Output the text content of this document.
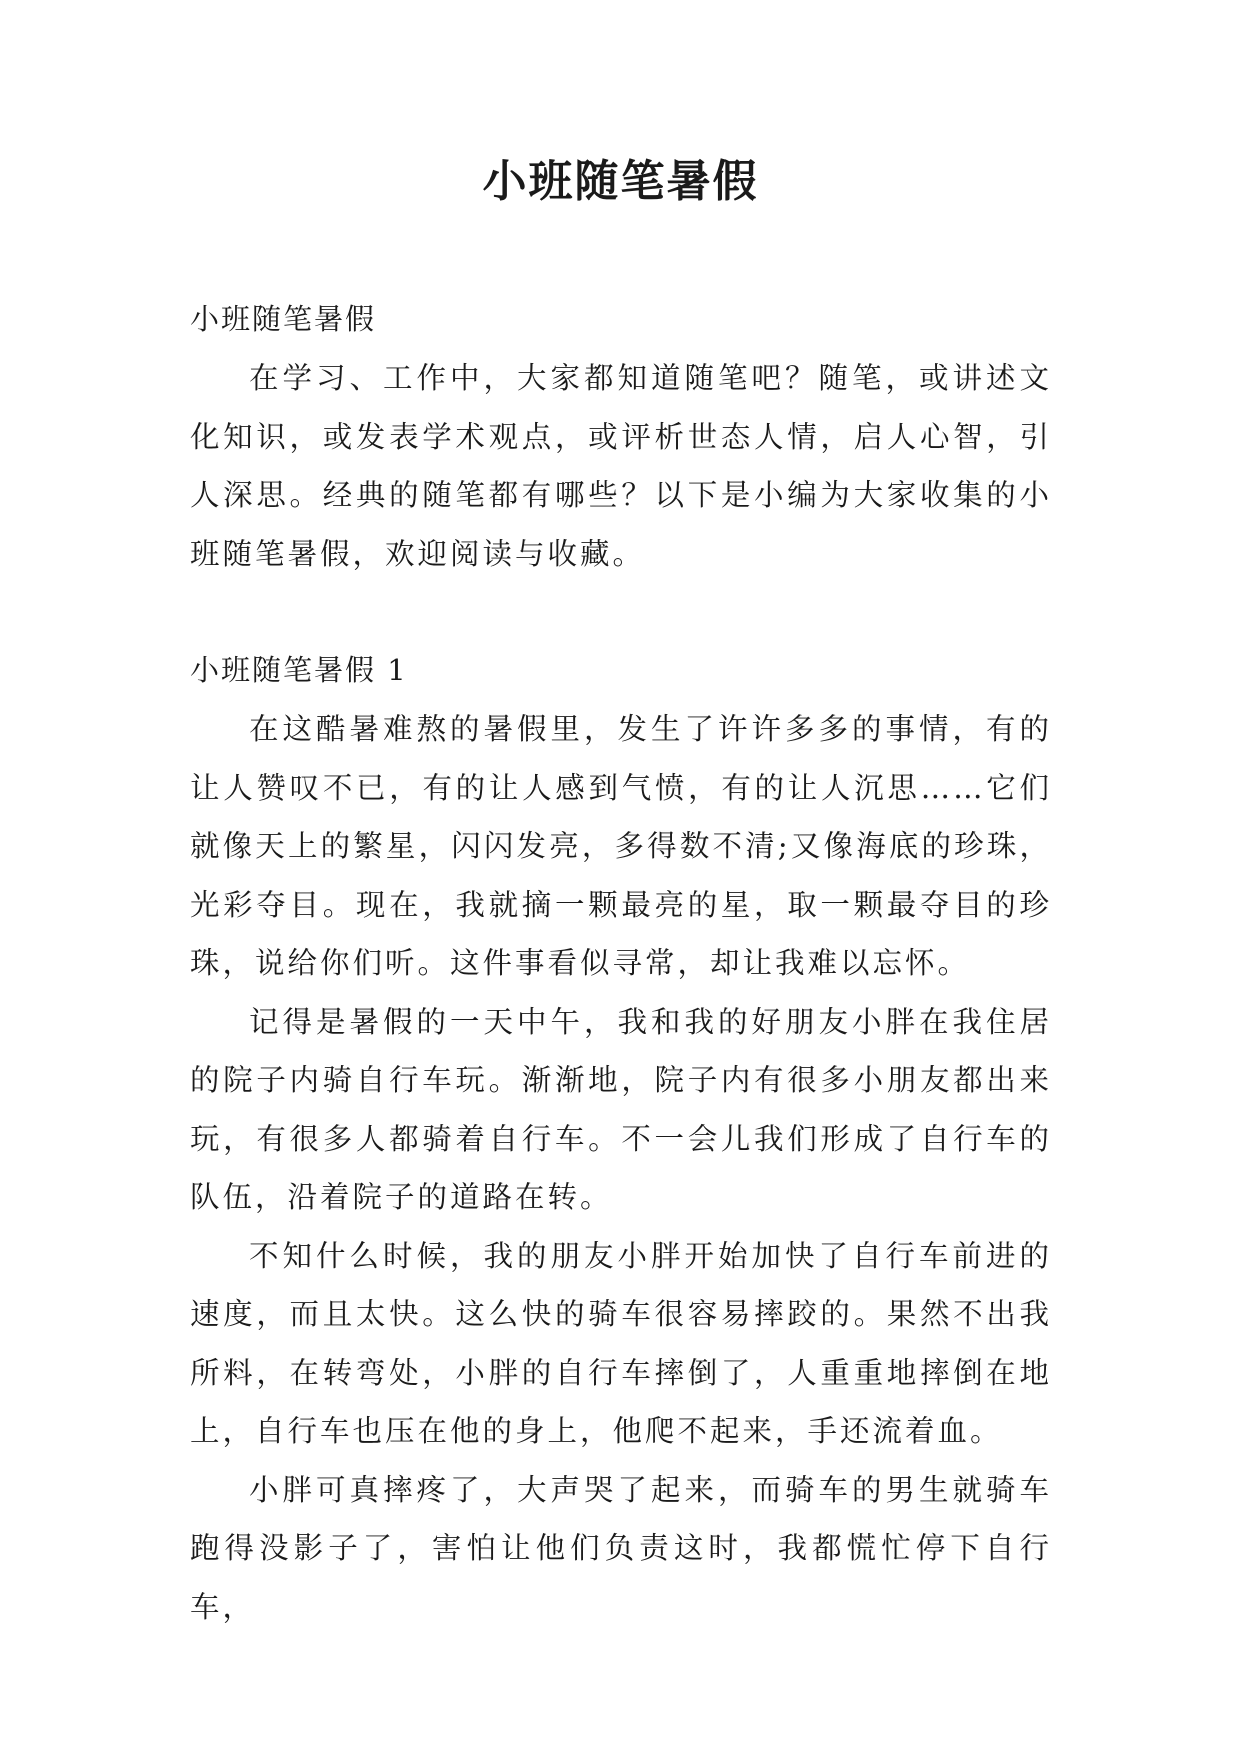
小班随笔暑假

小班随笔暑假

在学习、工作中，大家都知道随笔吧？随笔，或讲述文化知识，或发表学术观点，或评析世态人情，启人心智，引人深思。经典的随笔都有哪些？以下是小编为大家收集的小班随笔暑假，欢迎阅读与收藏。

小班随笔暑假 1

在这酷暑难熬的暑假里，发生了许许多多的事情，有的让人赞叹不已，有的让人感到气愤，有的让人沉思……它们就像天上的繁星，闪闪发亮，多得数不清;又像海底的珍珠，光彩夺目。现在，我就摘一颗最亮的星，取一颗最夺目的珍珠，说给你们听。这件事看似寻常，却让我难以忘怀。

记得是暑假的一天中午，我和我的好朋友小胖在我住居的院子内骑自行车玩。渐渐地，院子内有很多小朋友都出来玩，有很多人都骑着自行车。不一会儿我们形成了自行车的队伍，沿着院子的道路在转。

不知什么时候，我的朋友小胖开始加快了自行车前进的速度，而且太快。这么快的骑车很容易摔跤的。果然不出我所料，在转弯处，小胖的自行车摔倒了，人重重地摔倒在地上，自行车也压在他的身上，他爬不起来，手还流着血。

小胖可真摔疼了，大声哭了起来，而骑车的男生就骑车跑得没影子了，害怕让他们负责这时，我都慌忙停下自行车，
